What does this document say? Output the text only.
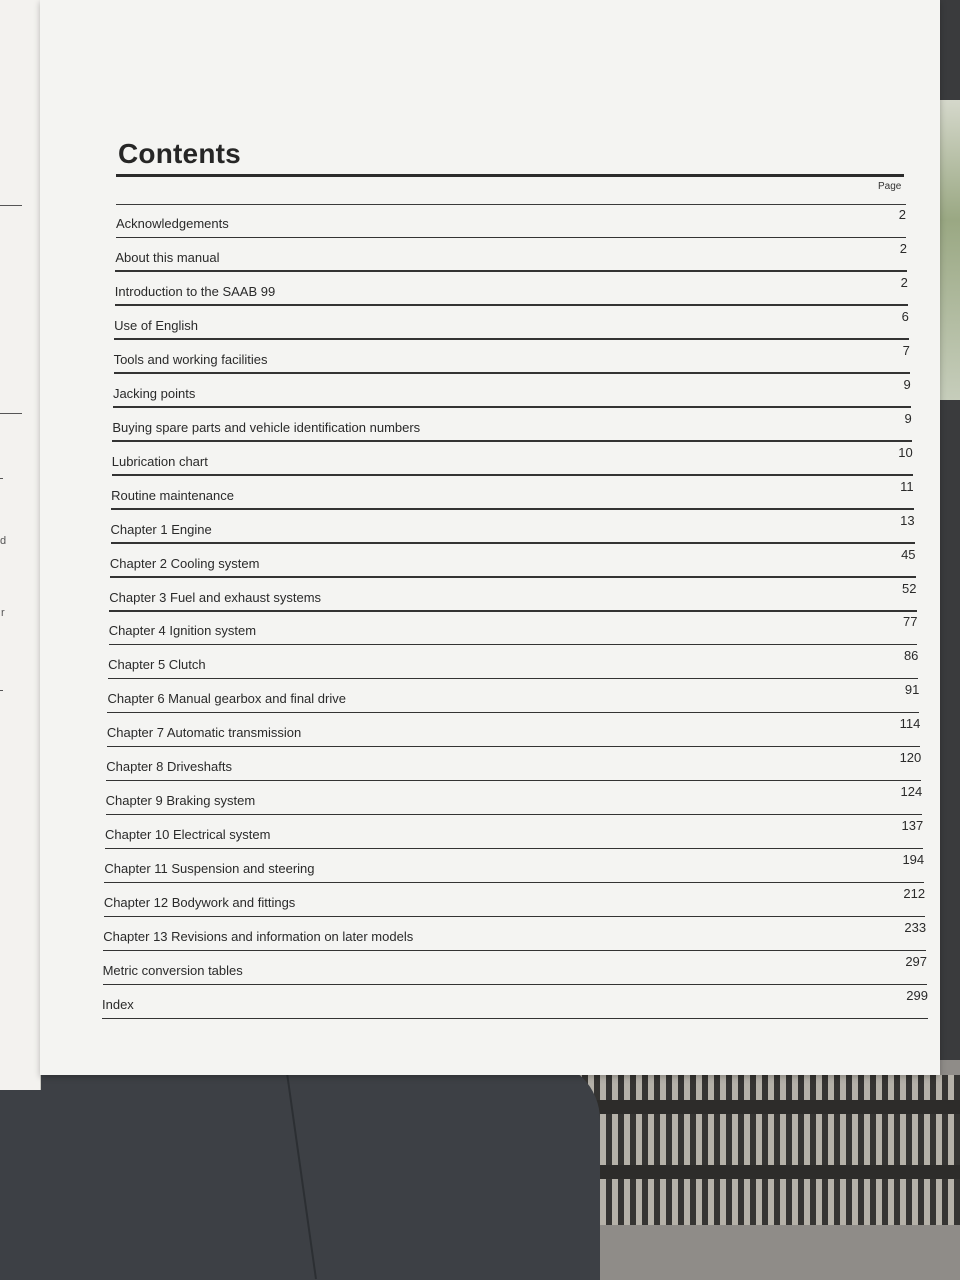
d
r
Contents
Page
Acknowledgements
2
About this manual
2
Introduction to the SAAB 99
2
Use of English
6
Tools and working facilities
7
Jacking points
9
Buying spare parts and vehicle identification numbers
9
Lubrication chart
10
Routine maintenance
11
Chapter 1 Engine
13
Chapter 2 Cooling system
45
Chapter 3 Fuel and exhaust systems
52
Chapter 4 Ignition system
77
Chapter 5 Clutch
86
Chapter 6 Manual gearbox and final drive
91
Chapter 7 Automatic transmission
114
Chapter 8 Driveshafts
120
Chapter 9 Braking system
124
Chapter 10 Electrical system
137
Chapter 11 Suspension and steering
194
Chapter 12 Bodywork and fittings
212
Chapter 13 Revisions and information on later models
233
Metric conversion tables
297
Index
299
